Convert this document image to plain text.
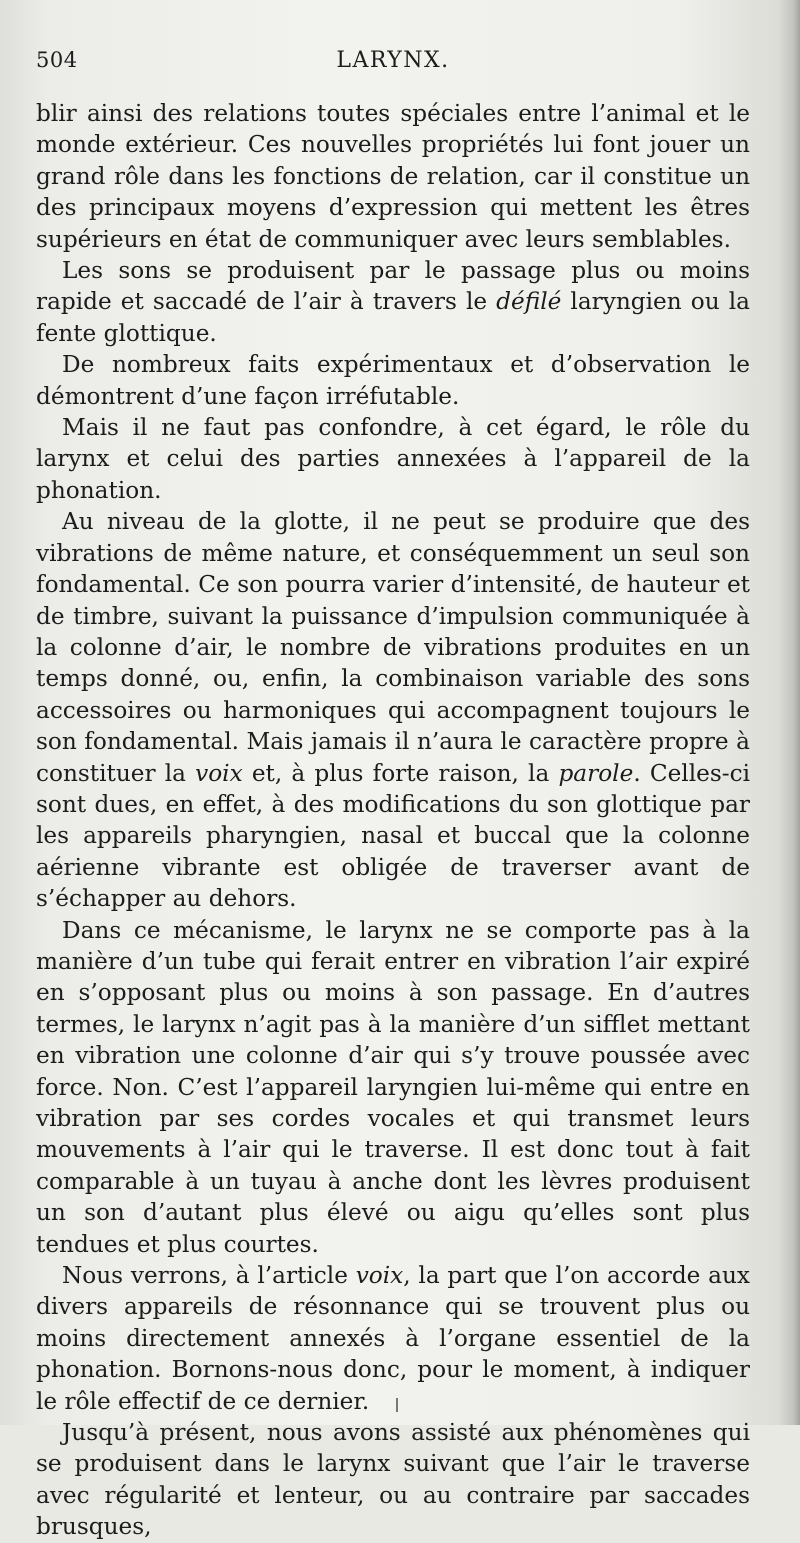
504	LARYNX.

blir ainsi des relations toutes spéciales entre l’animal et le monde extérieur. Ces nouvelles propriétés lui font jouer un grand rôle dans les fonctions de relation, car il constitue un des principaux moyens d’expression qui mettent les êtres supérieurs en état de communiquer avec leurs semblables.

Les sons se produisent par le passage plus ou moins rapide et saccadé de l’air à travers le défilé laryngien ou la fente glottique.

De nombreux faits expérimentaux et d’observation le démontrent d’une façon irréfutable.

Mais il ne faut pas confondre, à cet égard, le rôle du larynx et celui des parties annexées à l’appareil de la phonation.

Au niveau de la glotte, il ne peut se produire que des vibrations de même nature, et conséquemment un seul son fondamental. Ce son pourra varier d’intensité, de hauteur et de timbre, suivant la puissance d’impulsion communiquée à la colonne d’air, le nombre de vibrations produites en un temps donné, ou, enfin, la combinaison variable des sons accessoires ou harmoniques qui accompagnent toujours le son fondamental. Mais jamais il n’aura le caractère propre à constituer la voix et, à plus forte raison, la parole. Celles-ci sont dues, en effet, à des modifications du son glottique par les appareils pharyngien, nasal et buccal que la colonne aérienne vibrante est obligée de traverser avant de s’échapper au dehors.

Dans ce mécanisme, le larynx ne se comporte pas à la manière d’un tube qui ferait entrer en vibration l’air expiré en s’opposant plus ou moins à son passage. En d’autres termes, le larynx n’agit pas à la manière d’un sifflet mettant en vibration une colonne d’air qui s’y trouve poussée avec force. Non. C’est l’appareil laryngien lui-même qui entre en vibration par ses cordes vocales et qui transmet leurs mouvements à l’air qui le traverse. Il est donc tout à fait comparable à un tuyau à anche dont les lèvres produisent un son d’autant plus élevé ou aigu qu’elles sont plus tendues et plus courtes.

Nous verrons, à l’article voix, la part que l’on accorde aux divers appareils de résonnance qui se trouvent plus ou moins directement annexés à l’organe essentiel de la phonation. Bornons-nous donc, pour le moment, à indiquer le rôle effectif de ce dernier.

Jusqu’à présent, nous avons assisté aux phénomènes qui se produisent dans le larynx suivant que l’air le traverse avec régularité et lenteur, ou au contraire par saccades brusques,
